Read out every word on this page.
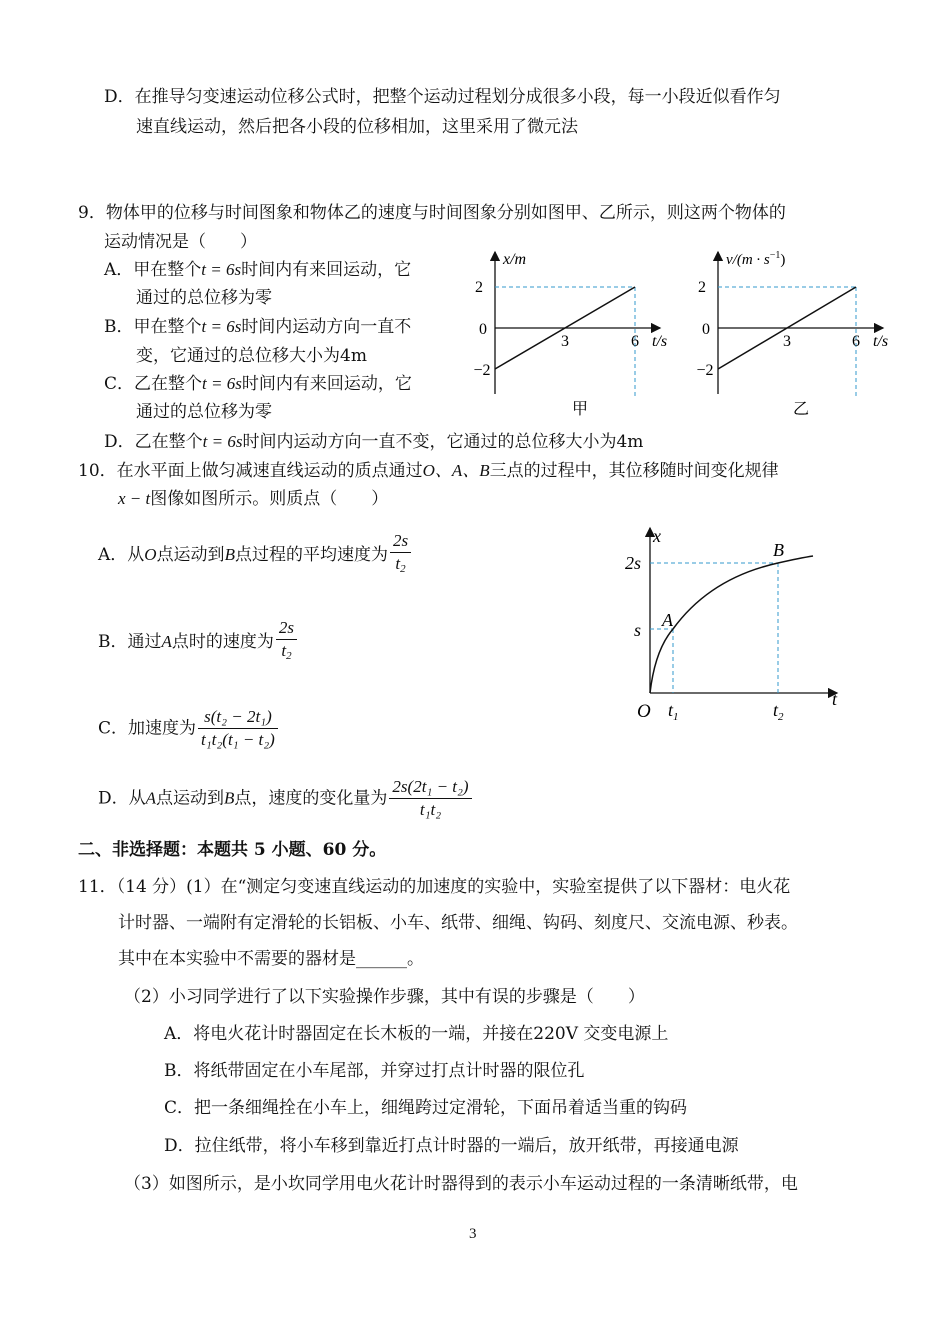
D．在推导匀变速运动位移公式时，把整个运动过程划分成很多小段，每一小段近似看作匀
速直线运动，然后把各小段的位移相加，这里采用了微元法
9．物体甲的位移与时间图象和物体乙的速度与时间图象分别如图甲、乙所示，则这两个物体的
运动情况是（　　）
A．甲在整个t = 6s时间内有来回运动，它
通过的总位移为零
B．甲在整个t = 6s时间内运动方向一直不
变，它通过的总位移大小为4m
C．乙在整个t = 6s时间内有来回运动，它
通过的总位移为零
D．乙在整个t = 6s时间内运动方向一直不变，它通过的总位移大小为4m
x/m
2
0
−2
3	6 t/s
甲
$v/(m \cdot s^{-1})$
2
0
−2
3	6 t/s
乙
10．在水平面上做匀减速直线运动的质点通过O、A、B三点的过程中，其位移随时间变化规律
x − t图像如图所示。则质点（　　）
A．从O点运动到B点过程的平均速度为 $\frac{2s}{t_2}$
B．通过A点时的速度为 $\frac{2s}{t_2}$
C．加速度为 $\frac{\text{s(t₂ − 2t₁)}}{\text{t₁t₂(t₁ − t₂)}}$
D．从A点运动到B点，速度的变化量为 $\frac{\text{2s(2t₁ − t₂)}}{\text{t₁t₂}}$
x
t
O
2s
s A
B
$t_1$	$t_2$
二、非选择题：本题共 5 小题、60 分。
11．（14 分）(1）在“测定匀变速直线运动的加速度的实验中，实验室提供了以下器材：电火花
计时器、一端附有定滑轮的长铝板、小车、纸带、细绳、钩码、刻度尺、交流电源、秒表。
其中在本实验中不需要的器材是______。
（2）小习同学进行了以下实验操作步骤，其中有误的步骤是（　　）
A．将电火花计时器固定在长木板的一端，并接在220V 交变电源上
B．将纸带固定在小车尾部，并穿过打点计时器的限位孔
C．把一条细绳拴在小车上，细绳跨过定滑轮，下面吊着适当重的钩码
D．拉住纸带，将小车移到靠近打点计时器的一端后，放开纸带，再接通电源
（3）如图所示，是小坎同学用电火花计时器得到的表示小车运动过程的一条清晰纸带，电
3
